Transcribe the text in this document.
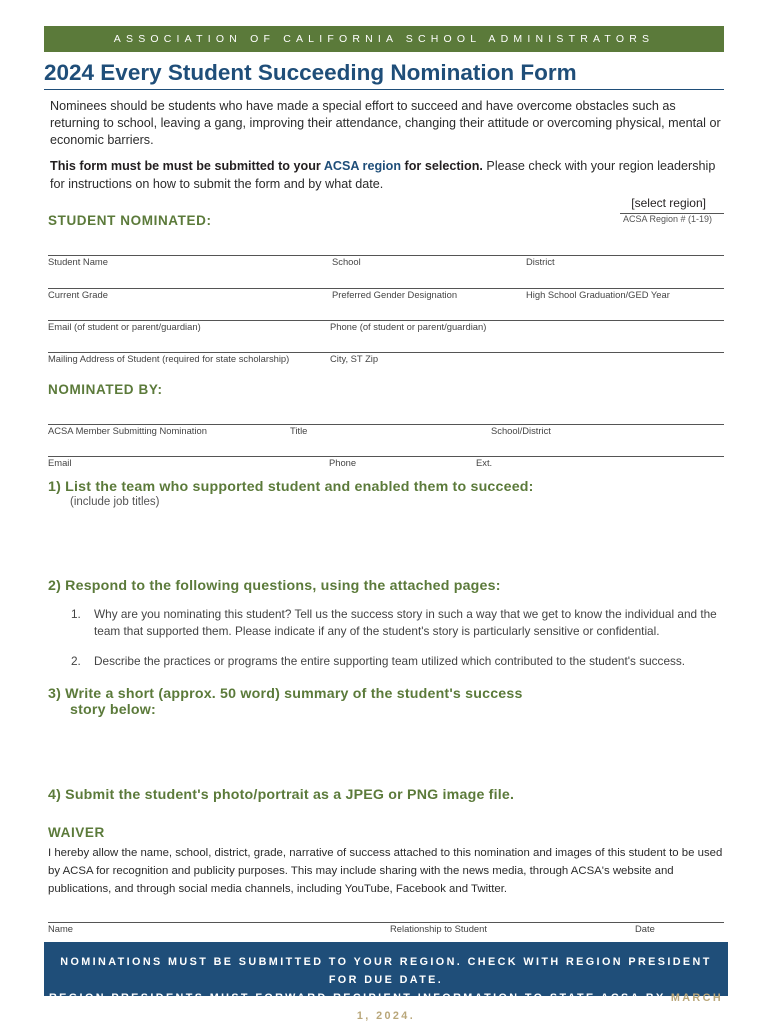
ASSOCIATION OF CALIFORNIA SCHOOL ADMINISTRATORS
2024 Every Student Succeeding Nomination Form
Nominees should be students who have made a special effort to succeed and have overcome obstacles such as returning to school, leaving a gang, improving their attendance, changing their attitude or overcoming physical, mental or economic barriers.
This form must be must be submitted to your ACSA region for selection. Please check with your region leadership for instructions on how to submit the form and by what date.
[select region]
ACSA Region # (1-19)
STUDENT NOMINATED:
Student Name	School	District
Current Grade	Preferred Gender Designation	High School Graduation/GED Year
Email (of student or parent/guardian)	Phone (of student or parent/guardian)
Mailing Address of Student (required for state scholarship)	City, ST Zip
NOMINATED BY:
ACSA Member Submitting Nomination	Title	School/District
Email	Phone	Ext.
1) List the team who supported student and enabled them to succeed:
(include job titles)
2) Respond to the following questions, using the attached pages:
1. Why are you nominating this student? Tell us the success story in such a way that we get to know the individual and the team that supported them. Please indicate if any of the student's story is particularly sensitive or confidential.
2. Describe the practices or programs the entire supporting team utilized which contributed to the student's success.
3) Write a short (approx. 50 word) summary of the student's success
story below:
4) Submit the student's photo/portrait as a JPEG or PNG image file.
WAIVER
I hereby allow the name, school, district, grade, narrative of success attached to this nomination and images of this student to be used by ACSA for recognition and publicity purposes. This may include sharing with the news media, through ACSA's website and publications, and through social media channels, including YouTube, Facebook and Twitter.
Name	Relationship to Student	Date
NOMINATIONS MUST BE SUBMITTED TO YOUR REGION. CHECK WITH REGION PRESIDENT FOR DUE DATE.
REGION PRESIDENTS MUST FORWARD RECIPIENT INFORMATION TO STATE ACSA BY MARCH 1, 2024.
